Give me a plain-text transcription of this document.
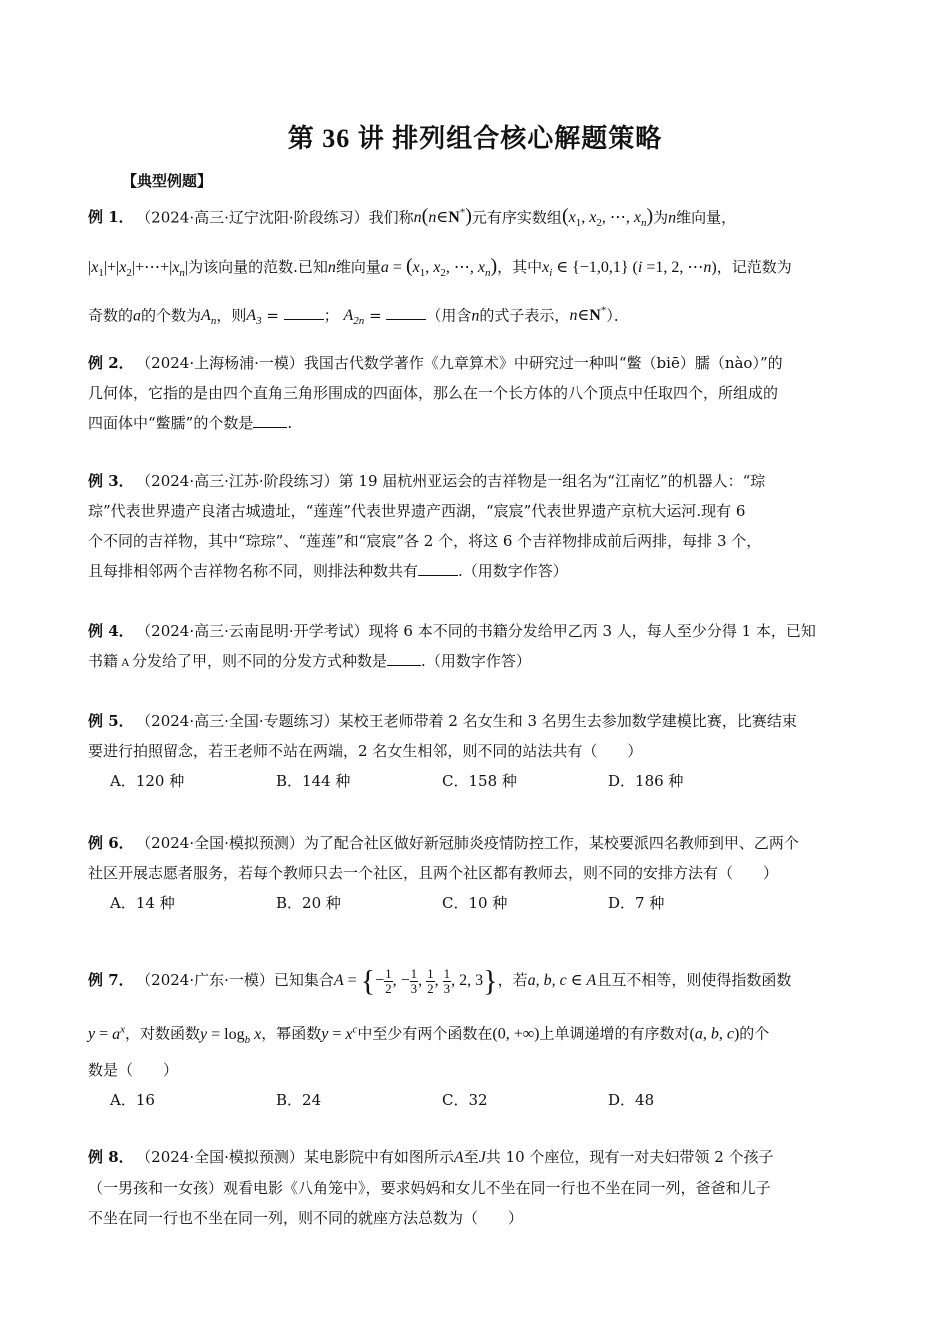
第 36 讲 排列组合核心解题策略
【典型例题】
例 1． （2024·高三·辽宁沈阳·阶段练习）我们称n(n∈N*)元有序实数组($x_1$, $x_2$, ⋯, $x_n$)为n维向量，
$|x_1|+|x_2|+\cdots+|x_n|$为该向量的范数.已知n维向量$a = (x_1$, $x_2$, ⋯, $x_n$)，其中$x_i$ ∈ {−1,0,1} (i =1, 2, ⋯n)，记范数为
奇数的a的个数为$A_n$，则$A_3$ =	； $A_{2n}$ =	（用含n的式子表示，n∈N*）．
例 2． （2024·上海杨浦·一模）我国古代数学著作《九章算术》中研究过一种叫“鳖（biē）臑（nào）”的
几何体，它指的是由四个直角三角形围成的四面体，那么在一个长方体的八个顶点中任取四个，所组成的
四面体中“鳖臑”的个数是 .
例 3． （2024·高三·江苏·阶段练习）第 19 届杭州亚运会的吉祥物是一组名为“江南忆”的机器人：“琮
琮”代表世界遗产良渚古城遗址，“莲莲”代表世界遗产西湖，“宸宸”代表世界遗产京杭大运河.现有 6
个不同的吉祥物，其中“琮琮”、“莲莲”和“宸宸”各 2 个，将这 6 个吉祥物排成前后两排，每排 3 个，
且每排相邻两个吉祥物名称不同，则排法种数共有	.（用数字作答）
例 4． （2024·高三·云南昆明·开学考试）现将 6 本不同的书籍分发给甲乙丙 3 人，每人至少分得 1 本，已知
书籍 A 分发给了甲，则不同的分发方式种数是 .（用数字作答）
例 5． （2024·高三·全国·专题练习）某校王老师带着 2 名女生和 3 名男生去参加数学建模比赛，比赛结束
要进行拍照留念，若王老师不站在两端，2 名女生相邻，则不同的站法共有（　　）
A．120 种	B．144 种	C．158 种	D．186 种
例 6． （2024·全国·模拟预测）为了配合社区做好新冠肺炎疫情防控工作，某校要派四名教师到甲、乙两个
社区开展志愿者服务，若每个教师只去一个社区，且两个社区都有教师去，则不同的安排方法有（　　）
A．14 种	B．20 种	C．10 种	D．7 种
例 7． （2024·广东·一模）已知集合A = {− $\frac{1}{2}$ , − $\frac{1}{3}$ , $\frac{1}{2}$ , $\frac{1}{3}$ , 2, 3}，若a, b, c ∈ A且互不相等，则使得指数函数
$y = a^x$，对数函数$y = \log_b x$，幂函数$y = x^c$中至少有两个函数在(0, +∞)上单调递增的有序数对(a, b, c)的个
数是（　　）
A．16	B．24	C．32	D．48
例 8． （2024·全国·模拟预测）某电影院中有如图所示A至J共 10 个座位，现有一对夫妇带领 2 个孩子
（一男孩和一女孩）观看电影《八角笼中》，要求妈妈和女儿不坐在同一行也不坐在同一列，爸爸和儿子
不坐在同一行也不坐在同一列，则不同的就座方法总数为（　　）
